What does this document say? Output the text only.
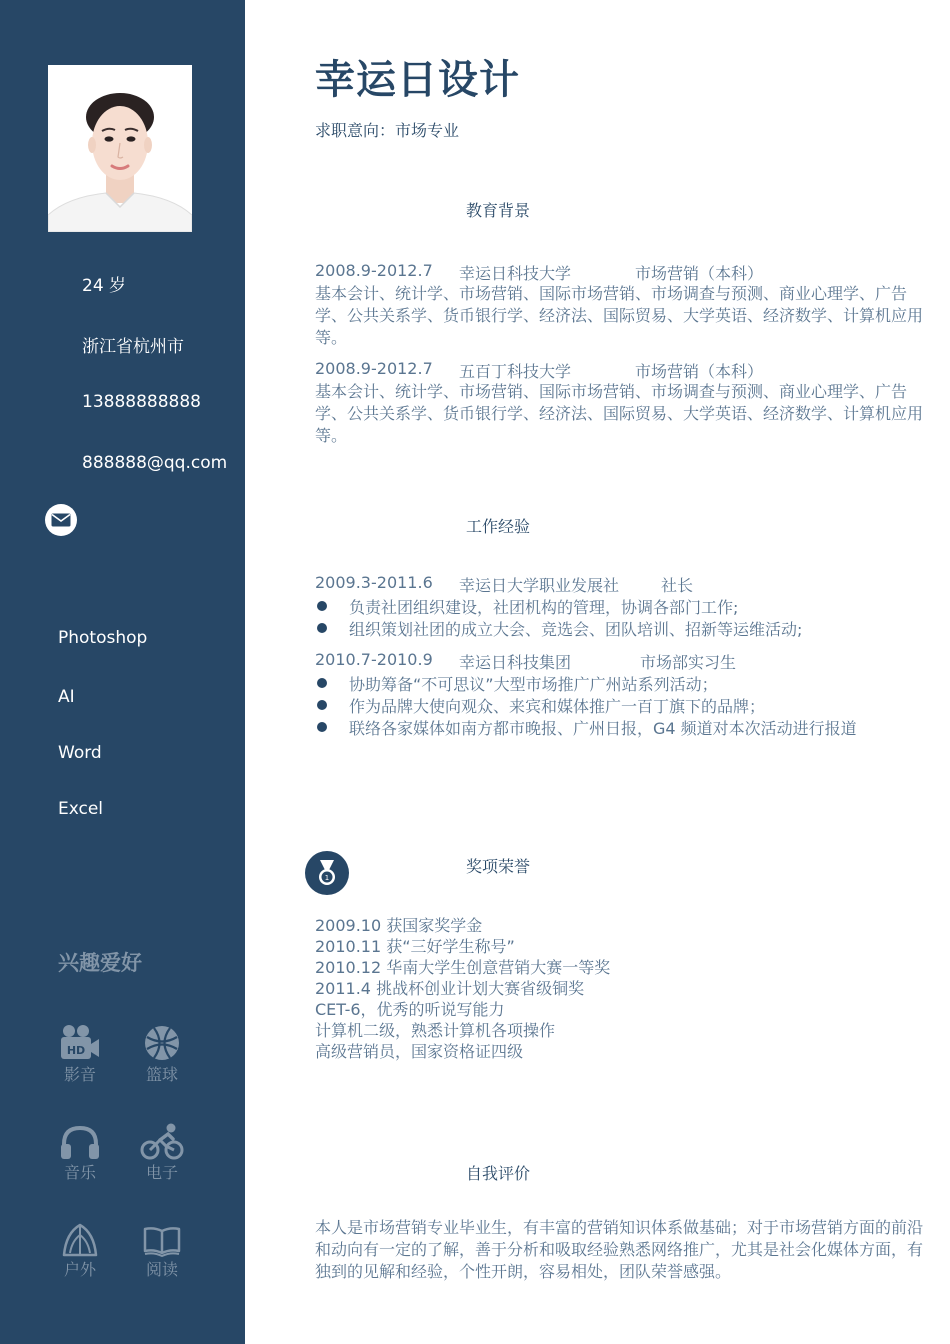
24 岁
浙江省杭州市
13888888888
888888@qq.com
Photoshop
AI
Word
Excel
兴趣爱好
HD
影音	篮球
音乐	电子
户外	阅读
幸运日设计
求职意向：市场专业
教育背景
2008.9-2012.7 幸运日科技大学	市场营销（本科）
基本会计、统计学、市场营销、国际市场营销、市场调查与预测、商业心理学、广告学、公共关系学、货币银行学、经济法、国际贸易、大学英语、经济数学、计算机应用等。
2008.9-2012.7 五百丁科技大学	市场营销（本科）
基本会计、统计学、市场营销、国际市场营销、市场调查与预测、商业心理学、广告学、公共关系学、货币银行学、经济法、国际贸易、大学英语、经济数学、计算机应用等。
工作经验
2009.3-2011.6 幸运日大学职业发展社	社长
负责社团组织建设，社团机构的管理，协调各部门工作;
组织策划社团的成立大会、竞选会、团队培训、招新等运维活动;
2010.7-2010.9 幸运日科技集团	市场部实习生
协助筹备“不可思议”大型市场推广广州站系列活动；
作为品牌大使向观众、来宾和媒体推广一百丁旗下的品牌；
联络各家媒体如南方都市晚报、广州日报，G4 频道对本次活动进行报道
1
奖项荣誉
2009.10 获国家奖学金
2010.11 获“三好学生称号”
2010.12 华南大学生创意营销大赛一等奖
2011.4 挑战杯创业计划大赛省级铜奖
CET-6，优秀的听说写能力
计算机二级，熟悉计算机各项操作
高级营销员，国家资格证四级
自我评价
本人是市场营销专业毕业生，有丰富的营销知识体系做基础；对于市场营销方面的前沿和动向有一定的了解，善于分析和吸取经验熟悉网络推广，尤其是社会化媒体方面，有独到的见解和经验，个性开朗，容易相处，团队荣誉感强。
